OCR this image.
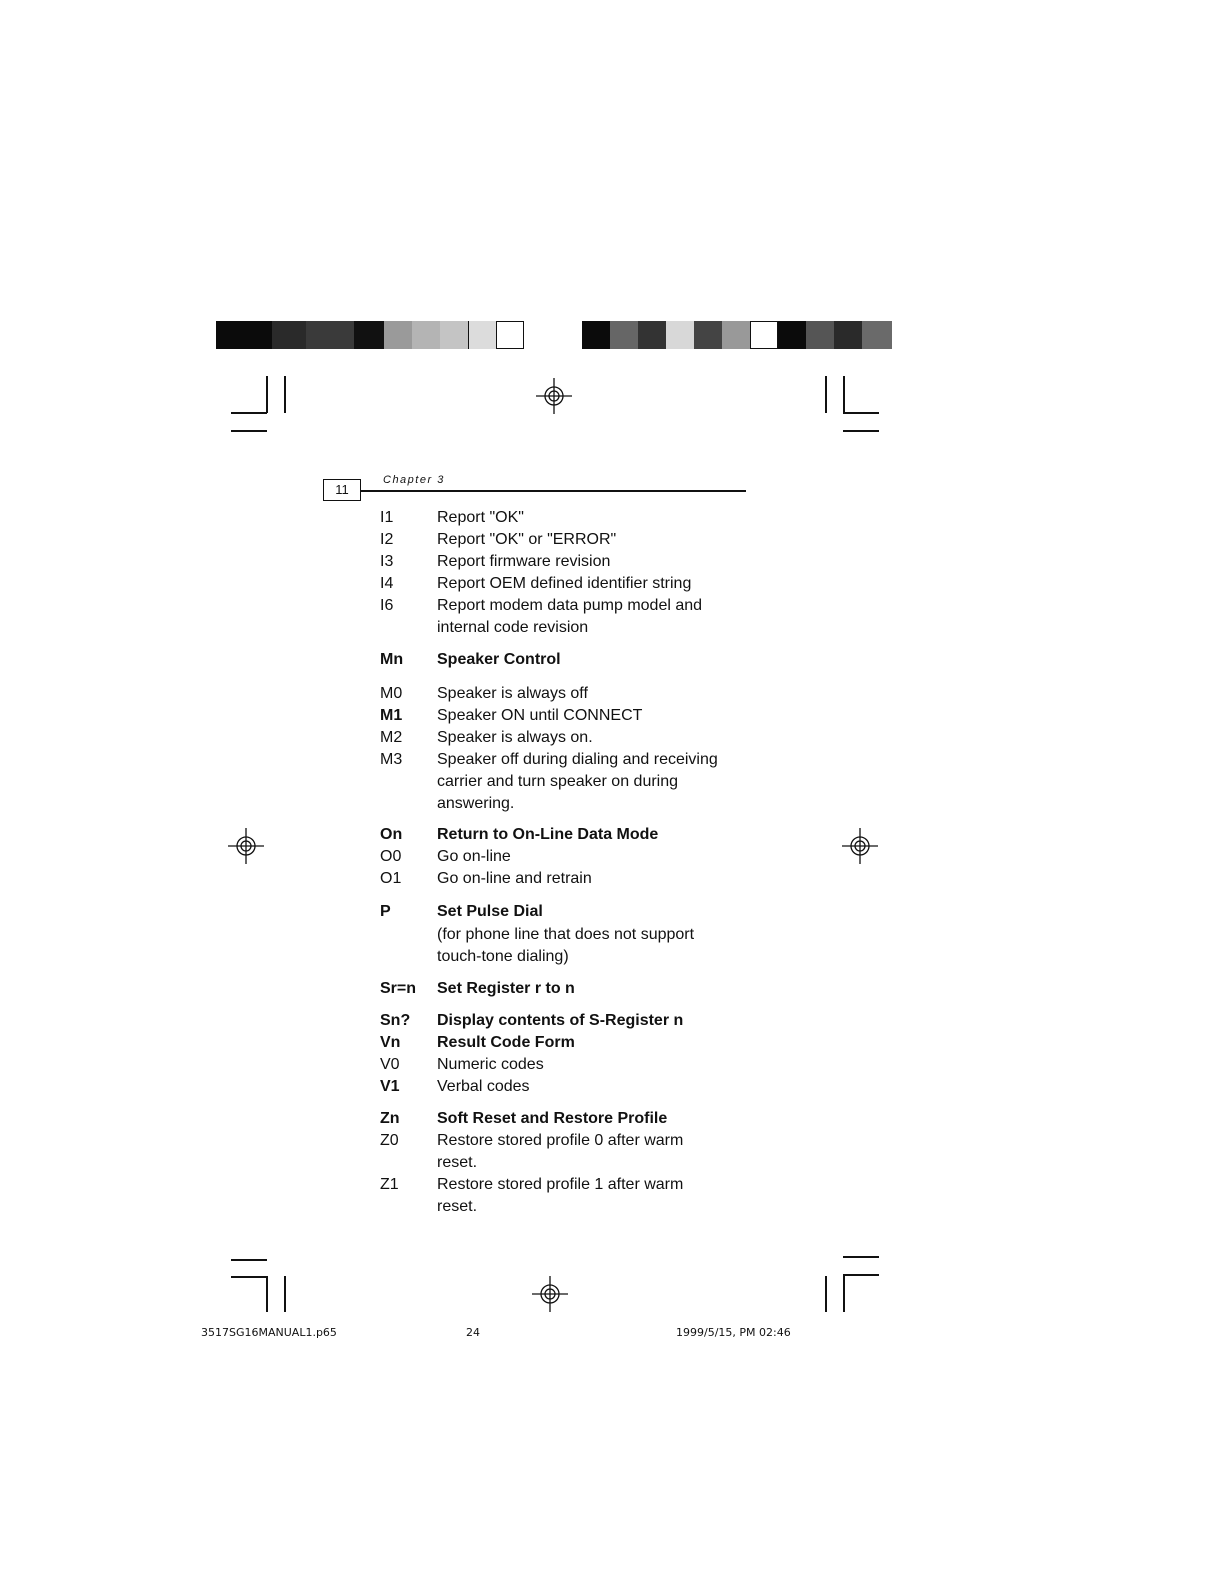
11
Chapter 3
I1	Report "OK"
I2	Report "OK" or "ERROR"
I3	Report firmware revision
I4	Report OEM defined identifier string
I6	Report modem data pump model and internal code revision
Mn Speaker Control
M0 Speaker is always off
M1 Speaker ON until CONNECT
M2 Speaker is always on.
M3 Speaker off during dialing and receiving carrier and turn speaker on during answering.
On Return to On-Line Data Mode
O0 Go on-line
O1 Go on-line and retrain
P	Set Pulse Dial
(for phone line that does not support touch-tone dialing)
Sr=n Set Register r to n
Sn? Display contents of S-Register n
Vn Result Code Form
V0 Numeric codes
V1 Verbal codes
Zn Soft Reset and Restore Profile
Z0 Restore stored profile 0 after warm reset.
Z1 Restore stored profile 1 after warm reset.
3517SG16MANUAL1.p65	24	1999/5/15, PM 02:46
